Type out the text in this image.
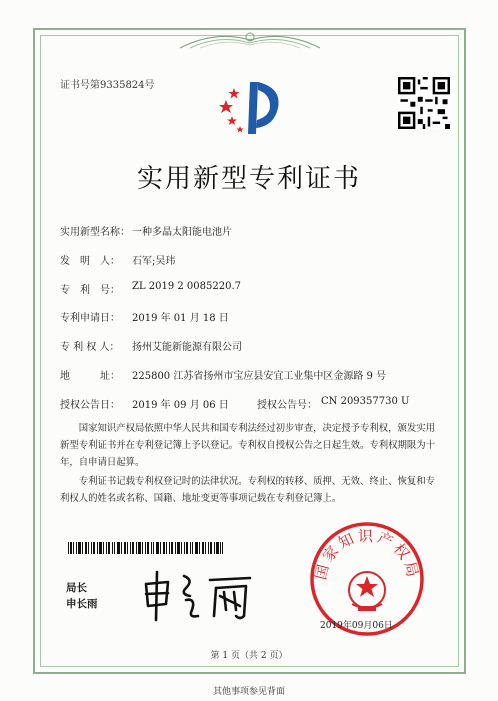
证书号第9335824号
实用新型专利证书
实用新型名称： 一种多晶太阳能电池片
发　明　人： 石军;吴玮
专　利　号： ZL 2019 2 0085220.7
专利申请日： 2019 年 01 月 18 日
专 利 权 人： 扬州艾能新能源有限公司
地　　　址： 225800 江苏省扬州市宝应县安宜工业集中区金源路 9 号
授权公告日： 2019 年 09 月 06 日	授权公告号： CN 209357730 U
国家知识产权局依照中华人民共和国专利法经过初步审查，决定授予专利权，颁发实用新型专利证书并在专利登记簿上予以登记。专利权自授权公告之日起生效。专利权期限为十年，自申请日起算。
专利证书记载专利权登记时的法律状况。专利权的转移、质押、无效、终止、恢复和专利权人的姓名或名称、国籍、地址变更等事项记载在专利登记簿上。
局长
申长雨
国家知识产权局
2019年09月06日
第 1 页（共 2 页）
其他事项参见背面
